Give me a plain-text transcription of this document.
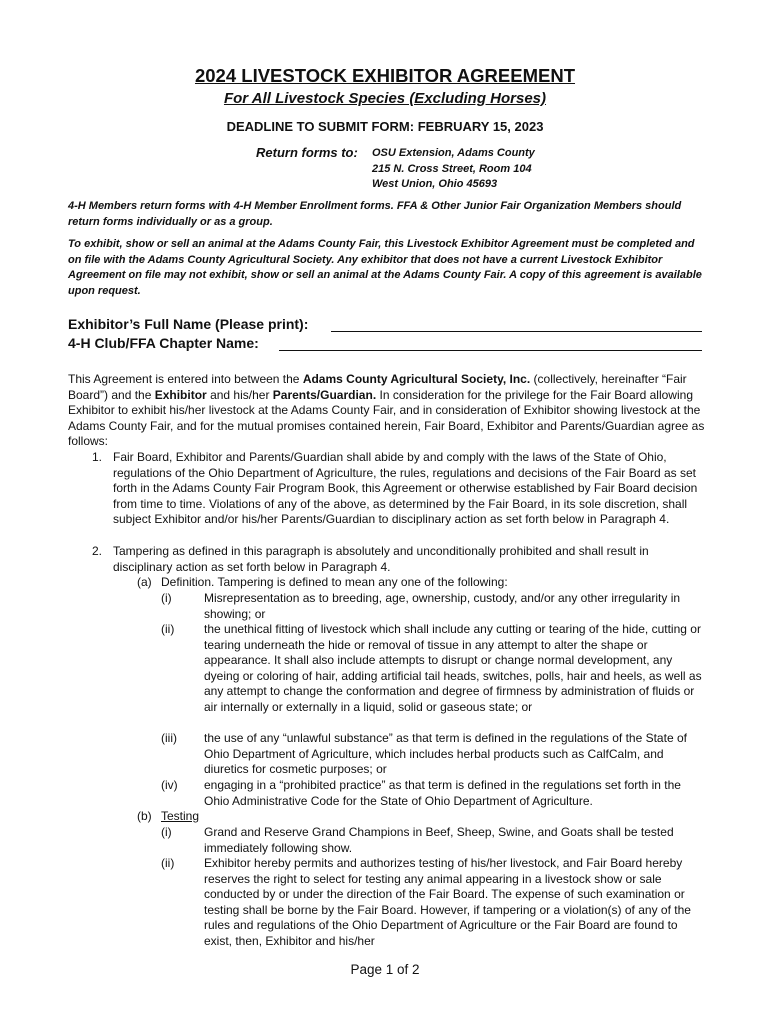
2024 LIVESTOCK EXHIBITOR AGREEMENT
For All Livestock Species (Excluding Horses)
DEADLINE TO SUBMIT FORM: FEBRUARY 15, 2023
Return forms to: OSU Extension, Adams County
215 N. Cross Street, Room 104
West Union, Ohio 45693
4-H Members return forms with 4-H Member Enrollment forms. FFA & Other Junior Fair Organization Members should return forms individually or as a group.
To exhibit, show or sell an animal at the Adams County Fair, this Livestock Exhibitor Agreement must be completed and on file with the Adams County Agricultural Society. Any exhibitor that does not have a current Livestock Exhibitor Agreement on file may not exhibit, show or sell an animal at the Adams County Fair. A copy of this agreement is available upon request.
Exhibitor’s Full Name (Please print):
4-H Club/FFA Chapter Name:
This Agreement is entered into between the Adams County Agricultural Society, Inc. (collectively, hereinafter “Fair Board”) and the Exhibitor and his/her Parents/Guardian. In consideration for the privilege for the Fair Board allowing Exhibitor to exhibit his/her livestock at the Adams County Fair, and in consideration of Exhibitor showing livestock at the Adams County Fair, and for the mutual promises contained herein, Fair Board, Exhibitor and Parents/Guardian agree as follows:
1. Fair Board, Exhibitor and Parents/Guardian shall abide by and comply with the laws of the State of Ohio, regulations of the Ohio Department of Agriculture, the rules, regulations and decisions of the Fair Board as set forth in the Adams County Fair Program Book, this Agreement or otherwise established by Fair Board decision from time to time. Violations of any of the above, as determined by the Fair Board, in its sole discretion, shall subject Exhibitor and/or his/her Parents/Guardian to disciplinary action as set forth below in Paragraph 4.
2. Tampering as defined in this paragraph is absolutely and unconditionally prohibited and shall result in disciplinary action as set forth below in Paragraph 4.
(a) Definition. Tampering is defined to mean any one of the following:
(i)	Misrepresentation as to breeding, age, ownership, custody, and/or any other irregularity in showing; or
(ii) the unethical fitting of livestock which shall include any cutting or tearing of the hide, cutting or tearing underneath the hide or removal of tissue in any attempt to alter the shape or appearance. It shall also include attempts to disrupt or change normal development, any dyeing or coloring of hair, adding artificial tail heads, switches, polls, hair and heels, as well as any attempt to change the conformation and degree of firmness by administration of fluids or air internally or externally in a liquid, solid or gaseous state; or
(iii) the use of any “unlawful substance” as that term is defined in the regulations of the State of Ohio Department of Agriculture, which includes herbal products such as CalfCalm, and diuretics for cosmetic purposes; or
(iv) engaging in a “prohibited practice” as that term is defined in the regulations set forth in the Ohio Administrative Code for the State of Ohio Department of Agriculture.
(b) Testing
(i)	Grand and Reserve Grand Champions in Beef, Sheep, Swine, and Goats shall be tested immediately following show.
(ii) Exhibitor hereby permits and authorizes testing of his/her livestock, and Fair Board hereby reserves the right to select for testing any animal appearing in a livestock show or sale conducted by or under the direction of the Fair Board. The expense of such examination or testing shall be borne by the Fair Board. However, if tampering or a violation(s) of any of the rules and regulations of the Ohio Department of Agriculture or the Fair Board are found to exist, then, Exhibitor and his/her
Page 1 of 2
